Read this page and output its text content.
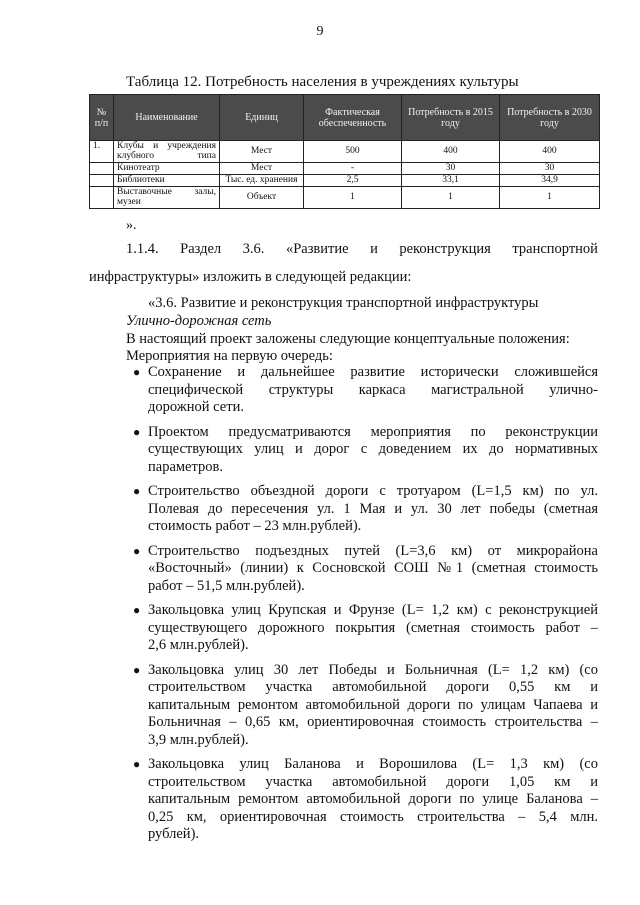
9
Таблица 12. Потребность населения в учреждениях культуры
№ п/п	Наименование	Единиц	Фактическая обеспеченность	Потребность в 2015 году	Потребность в 2030 году
1.	Клубы и учреждения клубного типа	Мест	500	400	400
	Кинотеатр	Мест	-	30	30
	Библиотеки	Тыс. ед. хранения	2,5	33,1	34,9

	Выставочные залы, музеи	Объект	1	1	1
».
1.1.4. Раздел 3.6. «Развитие и реконструкция транспортной
инфраструктуры» изложить в следующей редакции:
«3.6. Развитие и реконструкция транспортной инфраструктуры
Улично-дорожная сеть
В настоящий проект заложены следующие концептуальные положения:
Мероприятия на первую очередь:
● Сохранение и дальнейшее развитие исторически сложившейся
специфической структуры каркаса магистральной улично-
дорожной сети.
● Проектом предусматриваются мероприятия по реконструкции
существующих улиц и дорог с доведением их до нормативных
параметров.
● Строительство объездной дороги с тротуаром (L=1,5 км) по ул.
Полевая до пересечения ул. 1 Мая и ул. 30 лет победы (сметная
стоимость работ – 23 млн.рублей).
● Строительство подъездных путей (L=3,6 км) от микрорайона
«Восточный» (линии) к Сосновской СОШ №1 (сметная стоимость
работ – 51,5 млн.рублей).
● Закольцовка улиц Крупская и Фрунзе (L= 1,2 км) с реконструкцией
существующего дорожного покрытия (сметная стоимость работ –
2,6 млн.рублей).
● Закольцовка улиц 30 лет Победы и Больничная (L= 1,2 км) (со
строительством участка автомобильной дороги 0,55 км и
капитальным ремонтом автомобильной дороги по улицам Чапаева и
Больничная – 0,65 км, ориентировочная стоимость строительства –
3,9 млн.рублей).
● Закольцовка улиц Баланова и Ворошилова (L= 1,3 км) (со
строительством участка автомобильной дороги 1,05 км и
капитальным ремонтом автомобильной дороги по улице Баланова –
0,25 км, ориентировочная стоимость строительства – 5,4 млн.
рублей).
